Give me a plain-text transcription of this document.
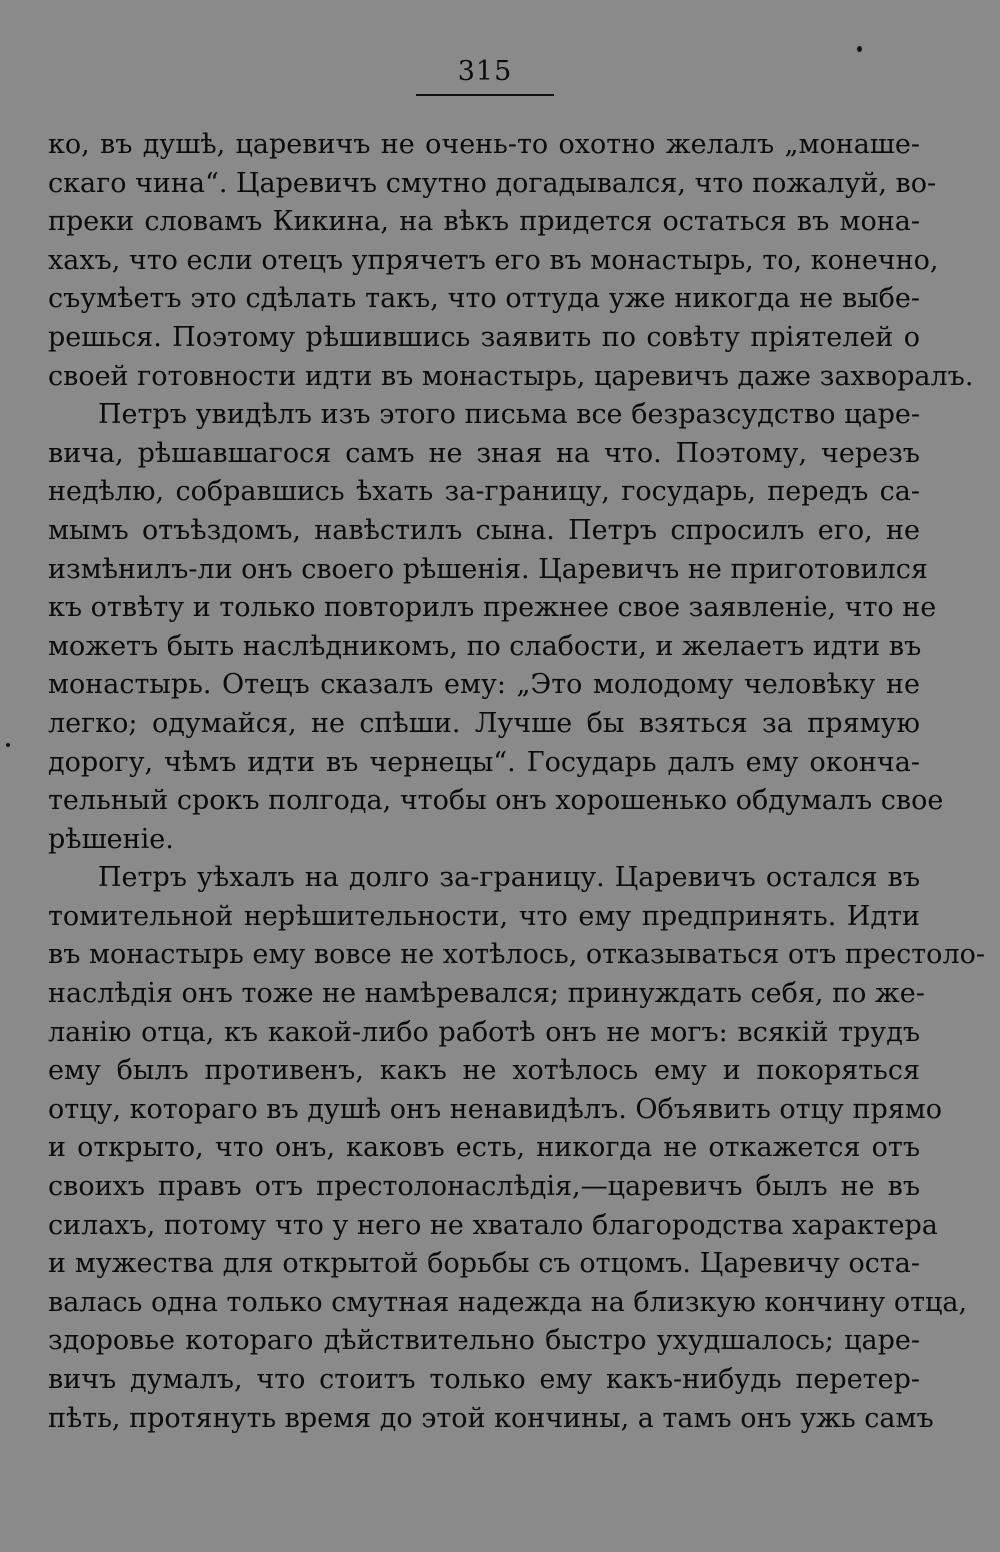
315
ко, въ душѣ, царевичъ не очень-то охотно желалъ „монаше-
скаго чина“. Царевичъ смутно догадывался, что пожалуй, во-
преки словамъ Кикина, на вѣкъ придется остаться въ мона-
хахъ, что если отецъ упрячетъ его въ монастырь, то, конечно,
съумѣетъ это сдѣлать такъ, что оттуда уже никогда не выбе-
решься. Поэтому рѣшившись заявить по совѣту пріятелей о
своей готовности идти въ монастырь, царевичъ даже захворалъ.
Петръ увидѣлъ изъ этого письма все безразсудство царе-
вича, рѣшавшагося самъ не зная на что. Поэтому, черезъ
недѣлю, собравшись ѣхать за-границу, государь, передъ са-
мымъ отъѣздомъ, навѣстилъ сына. Петръ спросилъ его, не
измѣнилъ-ли онъ своего рѣшенія. Царевичъ не приготовился
къ отвѣту и только повторилъ прежнее свое заявленіе, что не
можетъ быть наслѣдникомъ, по слабости, и желаетъ идти въ
монастырь. Отецъ сказалъ ему: „Это молодому человѣку не
легко; одумайся, не спѣши. Лучше бы взяться за прямую
дорогу, чѣмъ идти въ чернецы“. Государь далъ ему оконча-
тельный срокъ полгода, чтобы онъ хорошенько обдумалъ свое
рѣшеніе.
Петръ уѣхалъ на долго за-границу. Царевичъ остался въ
томительной нерѣшительности, что ему предпринять. Идти
въ монастырь ему вовсе не хотѣлось, отказываться отъ престоло-
наслѣдія онъ тоже не намѣревался; принуждать себя, по же-
ланію отца, къ какой-либо работѣ онъ не могъ: всякій трудъ
ему былъ противенъ, какъ не хотѣлось ему и покоряться
отцу, котораго въ душѣ онъ ненавидѣлъ. Объявить отцу прямо
и открыто, что онъ, каковъ есть, никогда не откажется отъ
своихъ правъ отъ престолонаслѣдія,—царевичъ былъ не въ
силахъ, потому что у него не хватало благородства характера
и мужества для открытой борьбы съ отцомъ. Царевичу оста-
валась одна только смутная надежда на близкую кончину отца,
здоровье котораго дѣйствительно быстро ухудшалось; царе-
вичъ думалъ, что стоитъ только ему какъ-нибудь перетер-
пѣть, протянуть время до этой кончины, а тамъ онъ ужь самъ
